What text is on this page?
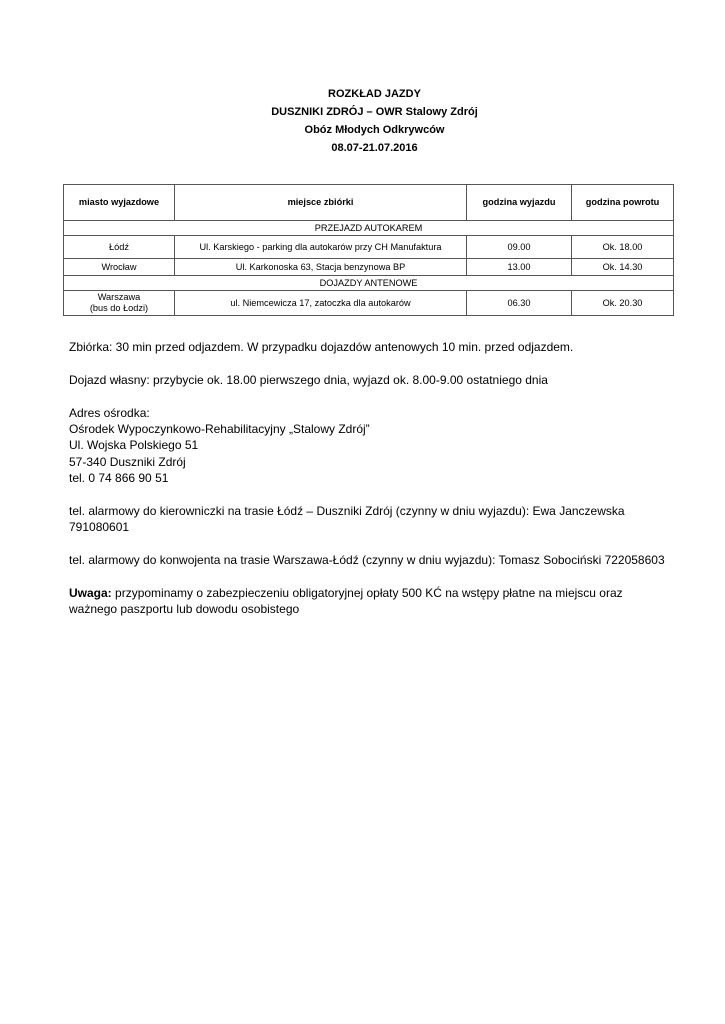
ROZKŁAD JAZDY
DUSZNIKI ZDRÓJ – OWR Stalowy Zdrój
Obóz Młodych Odkrywców
08.07-21.07.2016
miasto wyjazdowe	miejsce zbiórki	godzina wyjazdu	godzina powrotu
PRZEJAZD AUTOKAREM			
Łódź	Ul. Karskiego - parking dla autokarów przy CH Manufaktura	09.00	Ok. 18.00
Wrocław	Ul. Karkonoska 63, Stacja benzynowa BP	13.00	Ok. 14.30
DOJAZDY ANTENOWE			

Warszawa
(bus do Łodzi)	ul. Niemcewicza 17, zatoczka dla autokarów	06.30	Ok. 20.30

Zbiórka: 30 min przed odjazdem. W przypadku dojazdów antenowych 10 min. przed odjazdem.

Dojazd własny: przybycie ok. 18.00 pierwszego dnia, wyjazd ok. 8.00-9.00 ostatniego dnia

Adres ośrodka:

Ośrodek Wypoczynkowo-Rehabilitacyjny „Stalowy Zdrój”

Ul. Wojska Polskiego 51

57-340 Duszniki Zdrój

tel. 0 74 866 90 51

tel. alarmowy do kierowniczki na trasie Łódź – Duszniki Zdrój (czynny w dniu wyjazdu): Ewa Janczewska

791080601

tel. alarmowy do konwojenta na trasie Warszawa-Łódź (czynny w dniu wyjazdu): Tomasz Sobociński 722058603

Uwaga: przypominamy o zabezpieczeniu obligatoryjnej opłaty 500 KĆ na wstępy płatne na miejscu oraz

ważnego paszportu lub dowodu osobistego
